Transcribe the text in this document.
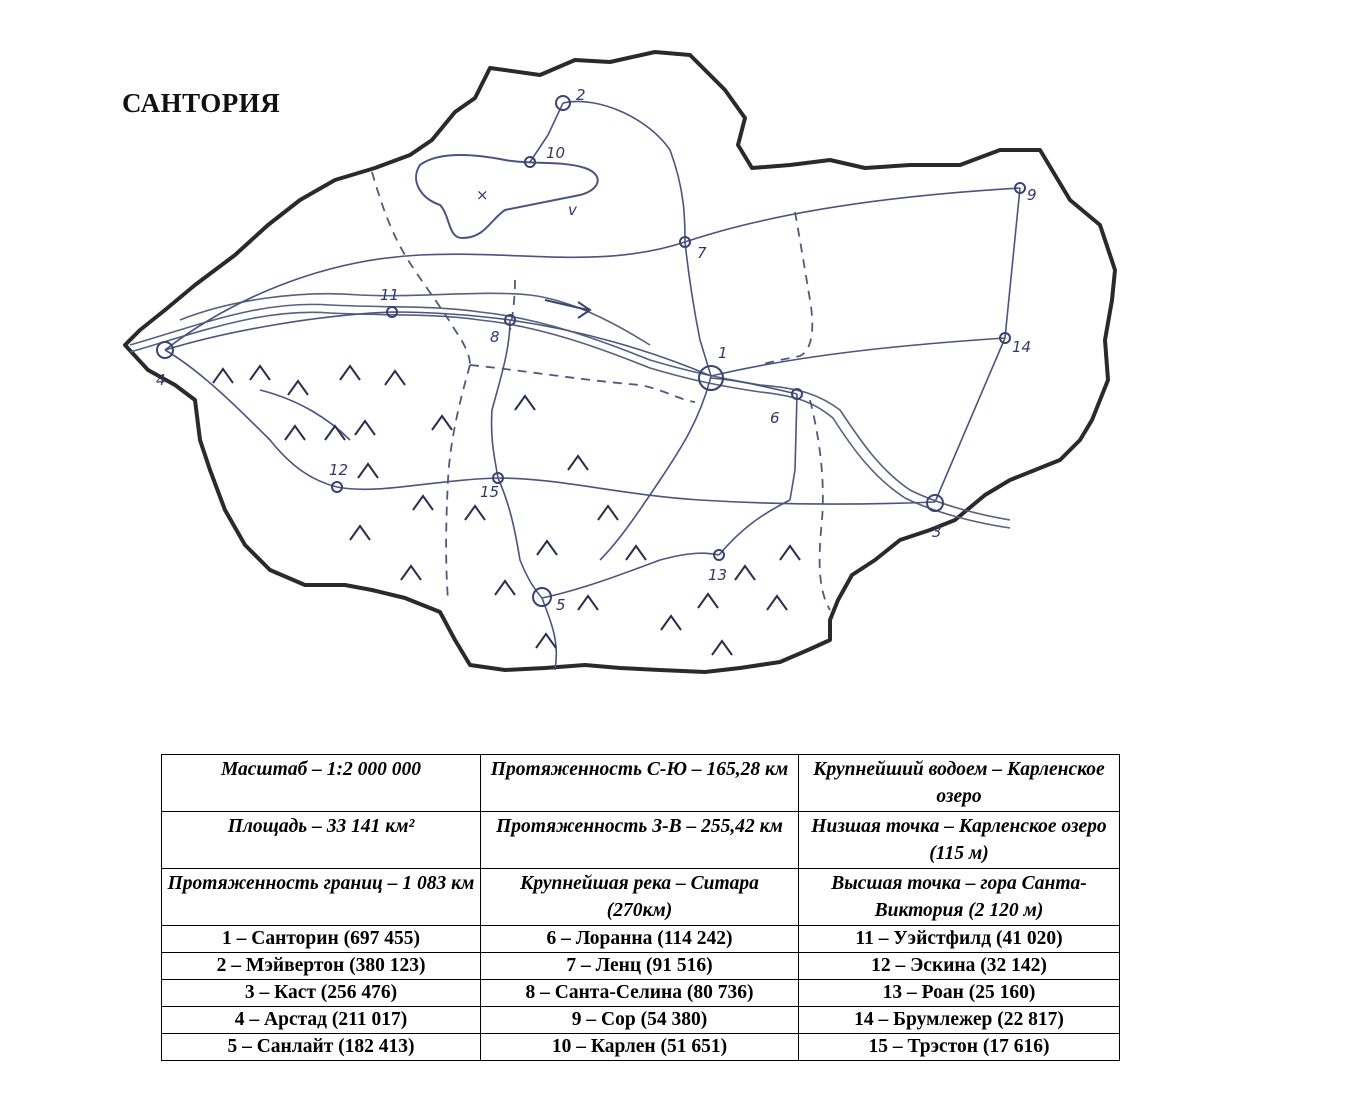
САНТОРИЯ
×
v
1
2
3
4
5
6
7
8
9
10
11
12
13
14
15
Масштаб – 1:2 000 000	Протяженность С-Ю – 165,28 км	Крупнейший водоем – Карленское озеро
Площадь – 33 141 км²	Протяженность З-В – 255,42 км	Низшая точка – Карленское озеро (115 м)
Протяженность границ – 1 083 км	Крупнейшая река – Ситара (270км)	Высшая точка – гора Санта-Виктория (2 120 м)
1 – Санторин (697 455)	6 – Лоранна (114 242)	11 – Уэйстфилд (41 020)
2 – Мэйвертон (380 123)	7 – Ленц (91 516)	12 – Эскина (32 142)
3 – Каст (256 476)	8 – Санта-Селина (80 736)	13 – Роан (25 160)
4 – Арстад (211 017)	9 – Сор (54 380)	14 – Брумлежер (22 817)
5 – Санлайт (182 413)	10 – Карлен (51 651)	15 – Трэстон (17 616)
